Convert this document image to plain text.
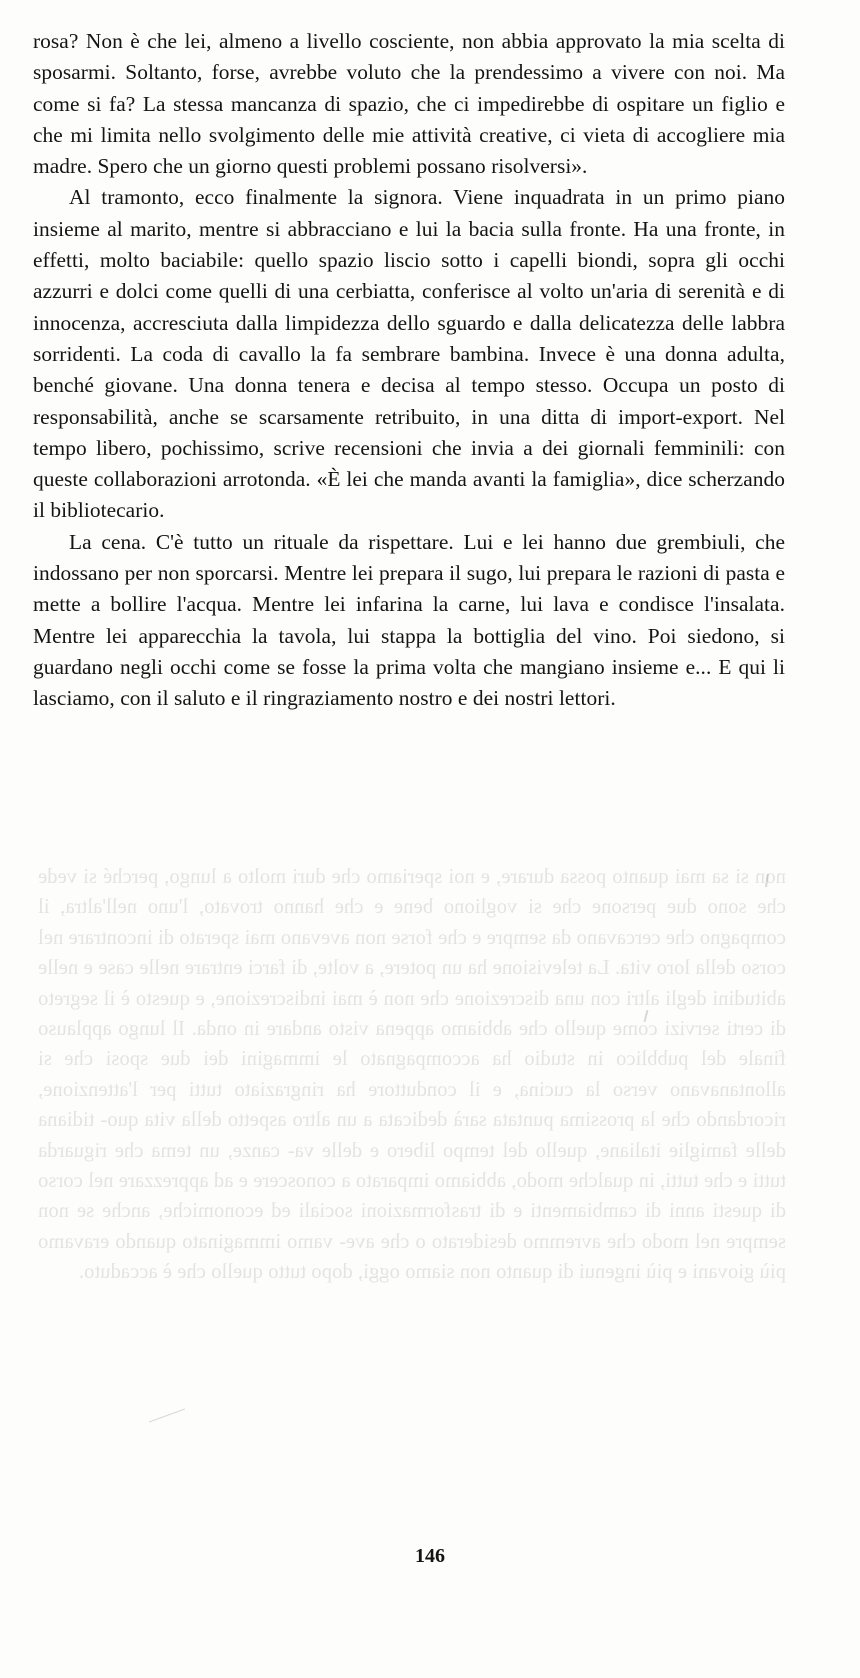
rosa? Non è che lei, almeno a livello cosciente, non abbia approvato la mia scelta di sposarmi. Soltanto, forse, avrebbe voluto che la prendessimo a vivere con noi. Ma come si fa? La stessa mancanza di spazio, che ci impedirebbe di ospitare un figlio e che mi limita nello svolgimento delle mie attività creative, ci vieta di accogliere mia madre. Spero che un giorno questi problemi possano risolversi».

Al tramonto, ecco finalmente la signora. Viene inquadrata in un primo piano insieme al marito, mentre si abbracciano e lui la bacia sulla fronte. Ha una fronte, in effetti, molto baciabile: quello spazio liscio sotto i capelli biondi, sopra gli occhi azzurri e dolci come quelli di una cerbiatta, conferisce al volto un'aria di serenità e di innocenza, accresciuta dalla limpidezza dello sguardo e dalla delicatezza delle labbra sorridenti. La coda di cavallo la fa sembrare bambina. Invece è una donna adulta, benché giovane. Una donna tenera e decisa al tempo stesso. Occupa un posto di responsabilità, anche se scarsamente retribuito, in una ditta di import-export. Nel tempo libero, pochissimo, scrive recensioni che invia a dei giornali femminili: con queste collaborazioni arrotonda. «È lei che manda avanti la famiglia», dice scherzando il bibliotecario.

La cena. C'è tutto un rituale da rispettare. Lui e lei hanno due grembiuli, che indossano per non sporcarsi. Mentre lei prepara il sugo, lui prepara le razioni di pasta e mette a bollire l'acqua. Mentre lei infarina la carne, lui lava e condisce l'insalata. Mentre lei apparecchia la tavola, lui stappa la bottiglia del vino. Poi siedono, si guardano negli occhi come se fosse la prima volta che mangiano insieme e... E qui li lasciamo, con il saluto e il ringraziamento nostro e dei nostri lettori.

non si sa mai quanto possa durare, e noi speriamo che duri molto a lungo, perché si vede che sono due persone che si vogliono bene e che hanno trovato, l'uno nell'altra, il compagno che cercavano da sempre e che forse non avevano mai sperato di incontrare nel corso della loro vita. La televisione ha un potere, a volte, di farci entrare nelle case e nelle abitudini degli altri con una discrezione che non è mai indiscrezione, e questo è il segreto di certi servizi come quello che abbiamo appena visto andare in onda. Il lungo applauso finale del pubblico in studio ha accompagnato le immagini dei due sposi che si allontanavano verso la cucina, e il conduttore ha ringraziato tutti per l'attenzione, ricordando che la prossima puntata sarà dedicata a un altro aspetto della vita quo- tidiana delle famiglie italiane, quello del tempo libero e delle va- canze, un tema che riguarda tutti e che tutti, in qualche modo, abbiamo imparato a conoscere e ad apprezzare nel corso di questi anni di cambiamenti e di trasformazioni sociali ed economiche, anche se non sempre nel modo che avremmo desiderato o che ave- vamo immaginato quando eravamo più giovani e più ingenui di quanto non siamo oggi, dopo tutto quello che è accaduto.

146
